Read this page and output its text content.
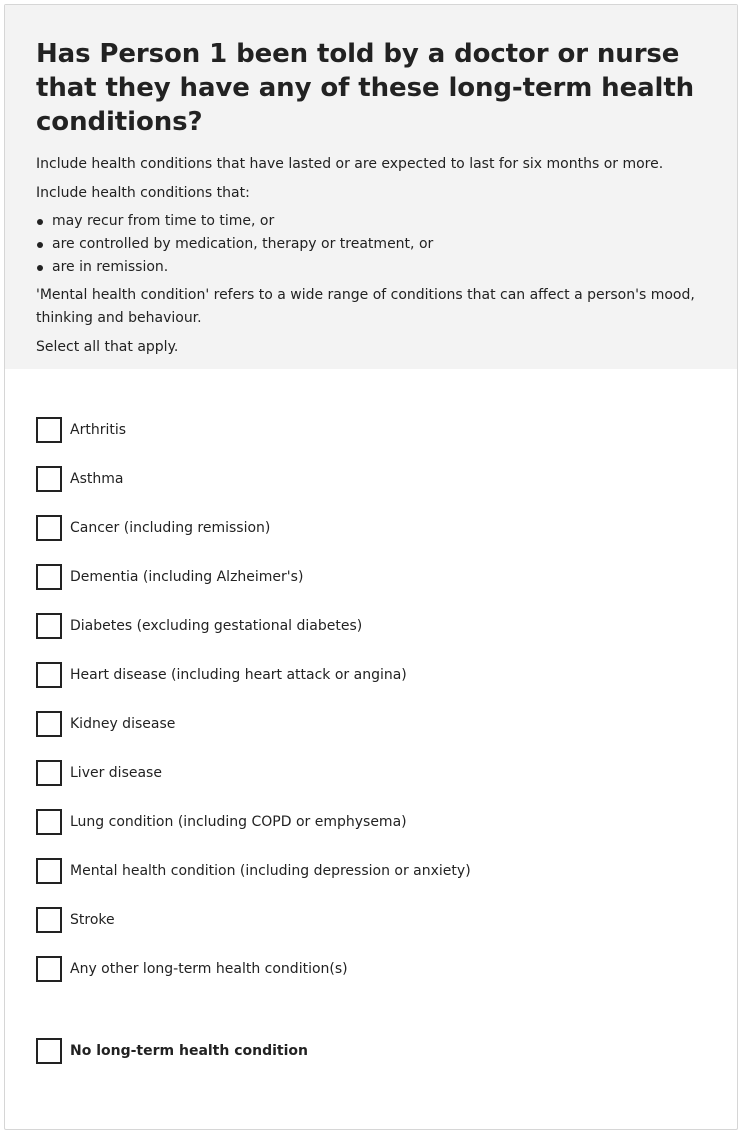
Has Person 1 been told by a doctor or nurse that they have any of these long-term health conditions?

Include health conditions that have lasted or are expected to last for six months or more.

Include health conditions that:

may recur from time to time, or
are controlled by medication, therapy or treatment, or
are in remission.

'Mental health condition' refers to a wide range of conditions that can affect a person's mood, thinking and behaviour.

Select all that apply.

Arthritis
Asthma
Cancer (including remission)
Dementia (including Alzheimer's)
Diabetes (excluding gestational diabetes)
Heart disease (including heart attack or angina)
Kidney disease
Liver disease
Lung condition (including COPD or emphysema)
Mental health condition (including depression or anxiety)
Stroke
Any other long-term health condition(s)
No long-term health condition
